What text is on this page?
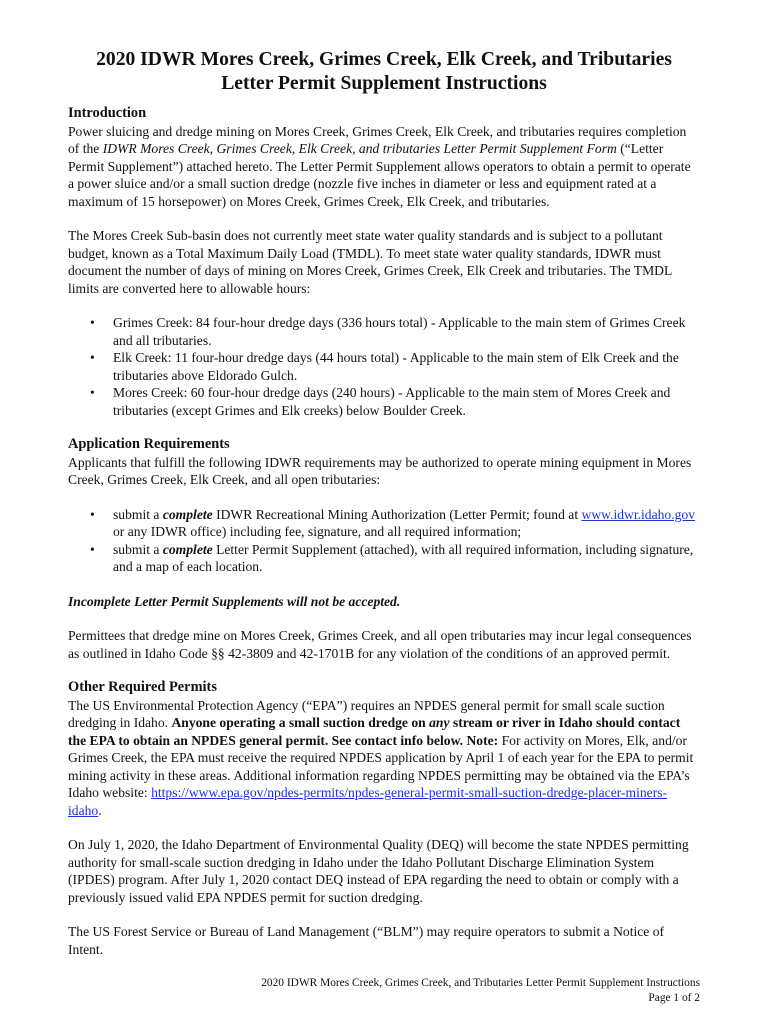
2020 IDWR Mores Creek, Grimes Creek, Elk Creek, and Tributaries
Letter Permit Supplement Instructions
Introduction

Power sluicing and dredge mining on Mores Creek, Grimes Creek, Elk Creek, and tributaries requires completion of the IDWR Mores Creek, Grimes Creek, Elk Creek, and tributaries Letter Permit Supplement Form (“Letter Permit Supplement”) attached hereto. The Letter Permit Supplement allows operators to obtain a permit to operate a power sluice and/or a small suction dredge (nozzle five inches in diameter or less and equipment rated at a maximum of 15 horsepower) on Mores Creek, Grimes Creek, Elk Creek, and tributaries.

The Mores Creek Sub-basin does not currently meet state water quality standards and is subject to a pollutant budget, known as a Total Maximum Daily Load (TMDL). To meet state water quality standards, IDWR must document the number of days of mining on Mores Creek, Grimes Creek, Elk Creek and tributaries. The TMDL limits are converted here to allowable hours:

• Grimes Creek: 84 four-hour dredge days (336 hours total) - Applicable to the main stem of Grimes Creek and all tributaries.
• Elk Creek: 11 four-hour dredge days (44 hours total) - Applicable to the main stem of Elk Creek and the tributaries above Eldorado Gulch.
• Mores Creek: 60 four-hour dredge days (240 hours) - Applicable to the main stem of Mores Creek and tributaries (except Grimes and Elk creeks) below Boulder Creek.
Application Requirements

Applicants that fulfill the following IDWR requirements may be authorized to operate mining equipment in Mores Creek, Grimes Creek, Elk Creek, and all open tributaries:

• submit a complete IDWR Recreational Mining Authorization (Letter Permit; found at www.idwr.idaho.gov or any IDWR office) including fee, signature, and all required information;
• submit a complete Letter Permit Supplement (attached), with all required information, including signature, and a map of each location.

Incomplete Letter Permit Supplements will not be accepted.

Permittees that dredge mine on Mores Creek, Grimes Creek, and all open tributaries may incur legal consequences as outlined in Idaho Code §§ 42-3809 and 42-1701B for any violation of the conditions of an approved permit.

Other Required Permits

The US Environmental Protection Agency (“EPA”) requires an NPDES general permit for small scale suction dredging in Idaho. Anyone operating a small suction dredge on any stream or river in Idaho should contact the EPA to obtain an NPDES general permit. See contact info below. Note: For activity on Mores, Elk, and/or Grimes Creek, the EPA must receive the required NPDES application by April 1 of each year for the EPA to permit mining activity in these areas. Additional information regarding NPDES permitting may be obtained via the EPA’s Idaho website: https://www.epa.gov/npdes-permits/npdes-general-permit-small-suction-dredge-placer-miners-idaho.

On July 1, 2020, the Idaho Department of Environmental Quality (DEQ) will become the state NPDES permitting authority for small-scale suction dredging in Idaho under the Idaho Pollutant Discharge Elimination System (IPDES) program. After July 1, 2020 contact DEQ instead of EPA regarding the need to obtain or comply with a previously issued valid EPA NPDES permit for suction dredging.

The US Forest Service or Bureau of Land Management (“BLM”) may require operators to submit a Notice of Intent.

2020 IDWR Mores Creek, Grimes Creek, and Tributaries Letter Permit Supplement Instructions
Page 1 of 2
